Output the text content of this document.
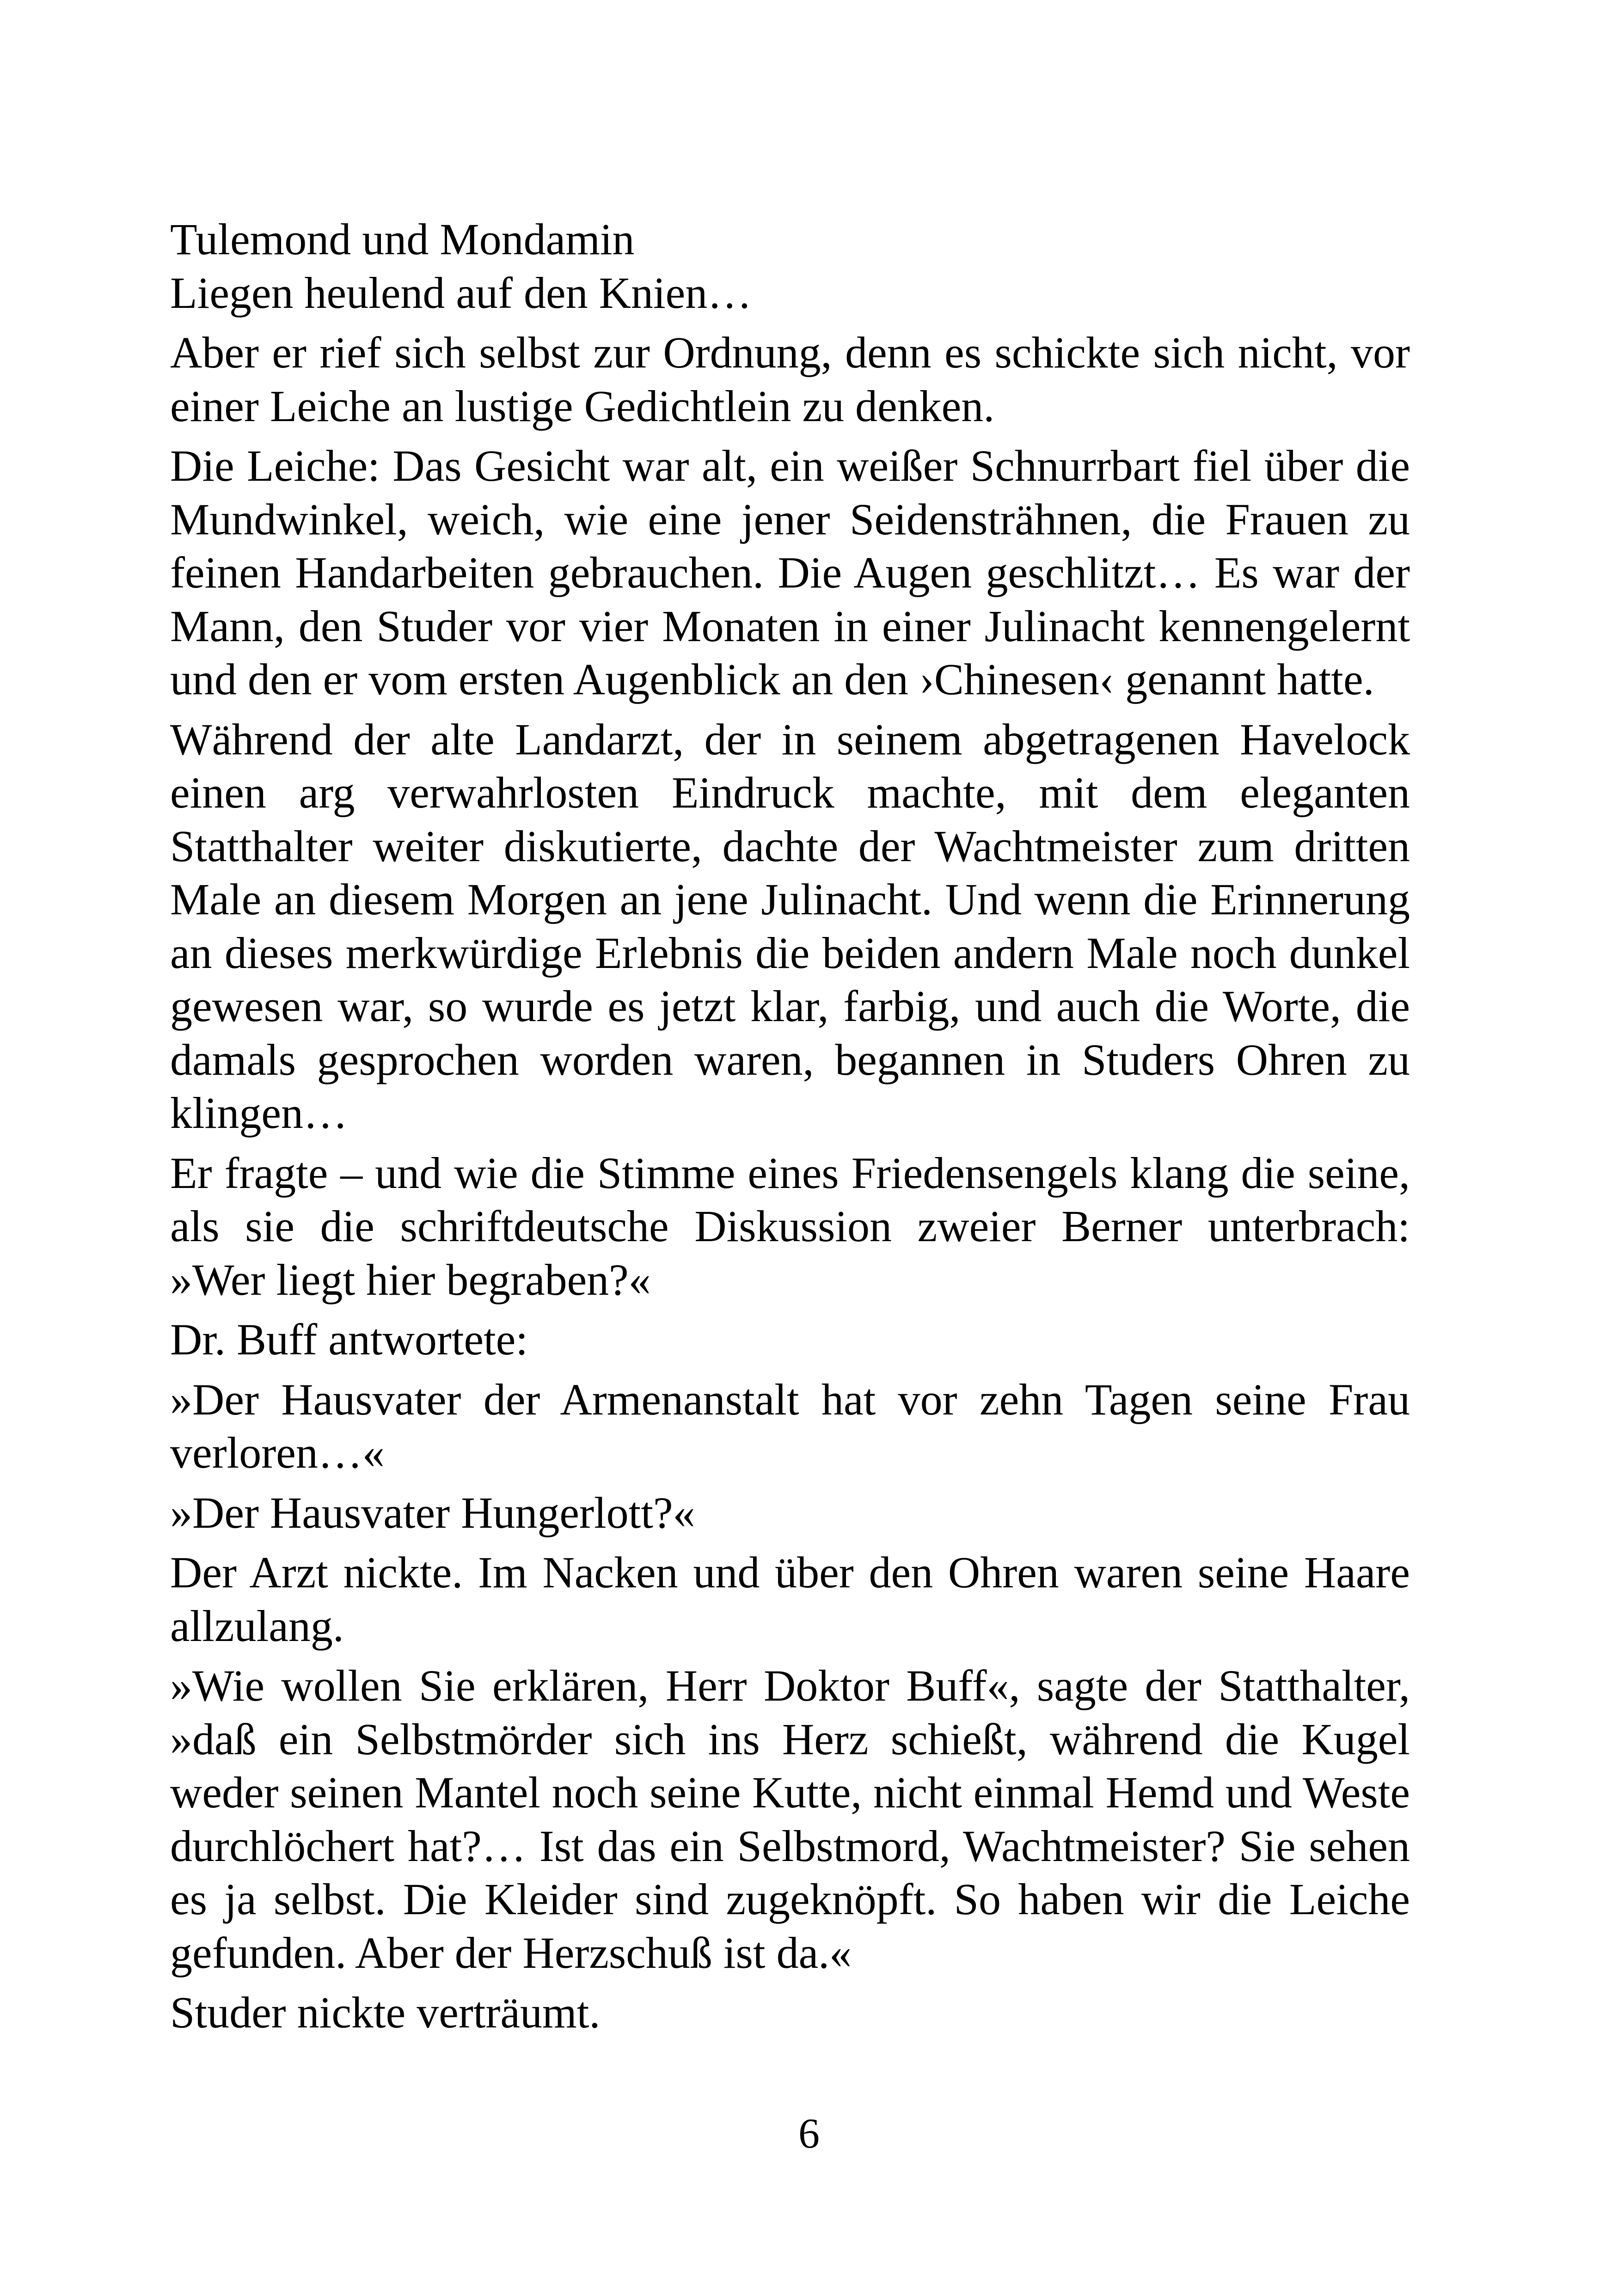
Tulemond und Mondamin

Liegen heulend auf den Knien…

Aber er rief sich selbst zur Ordnung, denn es schickte sich nicht, vor einer Leiche an lustige Gedichtlein zu denken.

Die Leiche: Das Gesicht war alt, ein weißer Schnurrbart fiel über die Mundwinkel, weich, wie eine jener Seidensträhnen, die Frauen zu feinen Handarbeiten gebrauchen. Die Augen geschlitzt… Es war der Mann, den Studer vor vier Monaten in einer Julinacht kennengelernt und den er vom ersten Augenblick an den ›Chinesen‹ genannt hatte.

Während der alte Landarzt, der in seinem abgetragenen Havelock einen arg verwahrlosten Eindruck machte, mit dem eleganten Statthalter weiter diskutierte, dachte der Wachtmeister zum dritten Male an diesem Morgen an jene Julinacht. Und wenn die Erinnerung an dieses merkwürdige Erlebnis die beiden andern Male noch dunkel gewesen war, so wurde es jetzt klar, farbig, und auch die Worte, die damals gesprochen worden waren, begannen in Studers Ohren zu klingen…

Er fragte – und wie die Stimme eines Friedensengels klang die seine, als sie die schriftdeutsche Diskussion zweier Berner unterbrach: »Wer liegt hier begraben?«

Dr. Buff antwortete:

»Der Hausvater der Armenanstalt hat vor zehn Tagen seine Frau verloren…«

»Der Hausvater Hungerlott?«

Der Arzt nickte. Im Nacken und über den Ohren waren seine Haare allzulang.

»Wie wollen Sie erklären, Herr Doktor Buff«, sagte der Statthalter, »daß ein Selbstmörder sich ins Herz schießt, während die Kugel weder seinen Mantel noch seine Kutte, nicht einmal Hemd und Weste durchlöchert hat?… Ist das ein Selbstmord, Wachtmeister? Sie sehen es ja selbst. Die Kleider sind zugeknöpft. So haben wir die Leiche gefunden. Aber der Herzschuß ist da.«

Studer nickte verträumt.

6
